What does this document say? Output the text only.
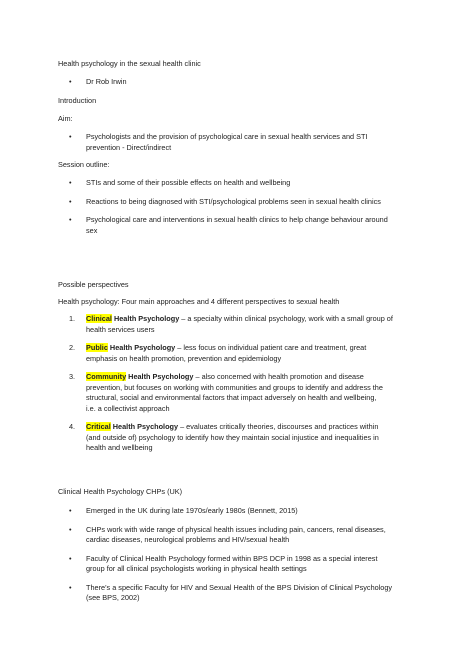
Health psychology in the sexual health clinic
• Dr Rob Irwin
Introduction
Aim:
• Psychologists and the provision of psychological care in sexual health services and STI
prevention - Direct/indirect
Session outline:
• STIs and some of their possible effects on health and wellbeing
• Reactions to being diagnosed with STI/psychological problems seen in sexual health clinics
• Psychological care and interventions in sexual health clinics to help change behaviour around
sex
Possible perspectives
Health psychology: Four main approaches and 4 different perspectives to sexual health
1. Clinical Health Psychology – a specialty within clinical psychology, work with a small group of
health services users
2. Public Health Psychology – less focus on individual patient care and treatment, great
emphasis on health promotion, prevention and epidemiology
3. Community Health Psychology – also concerned with health promotion and disease
prevention, but focuses on working with communities and groups to identify and address the
structural, social and environmental factors that impact adversely on health and wellbeing,
i.e. a collectivist approach
4. Critical Health Psychology – evaluates critically theories, discourses and practices within
(and outside of) psychology to identify how they maintain social injustice and inequalities in
health and wellbeing
Clinical Health Psychology CHPs (UK)
• Emerged in the UK during late 1970s/early 1980s (Bennett, 2015)
• CHPs work with wide range of physical health issues including pain, cancers, renal diseases,
cardiac diseases, neurological problems and HIV/sexual health
• Faculty of Clinical Health Psychology formed within BPS DCP in 1998 as a special interest
group for all clinical psychologists working in physical health settings
• There’s a specific Faculty for HIV and Sexual Health of the BPS Division of Clinical Psychology
(see BPS, 2002)
